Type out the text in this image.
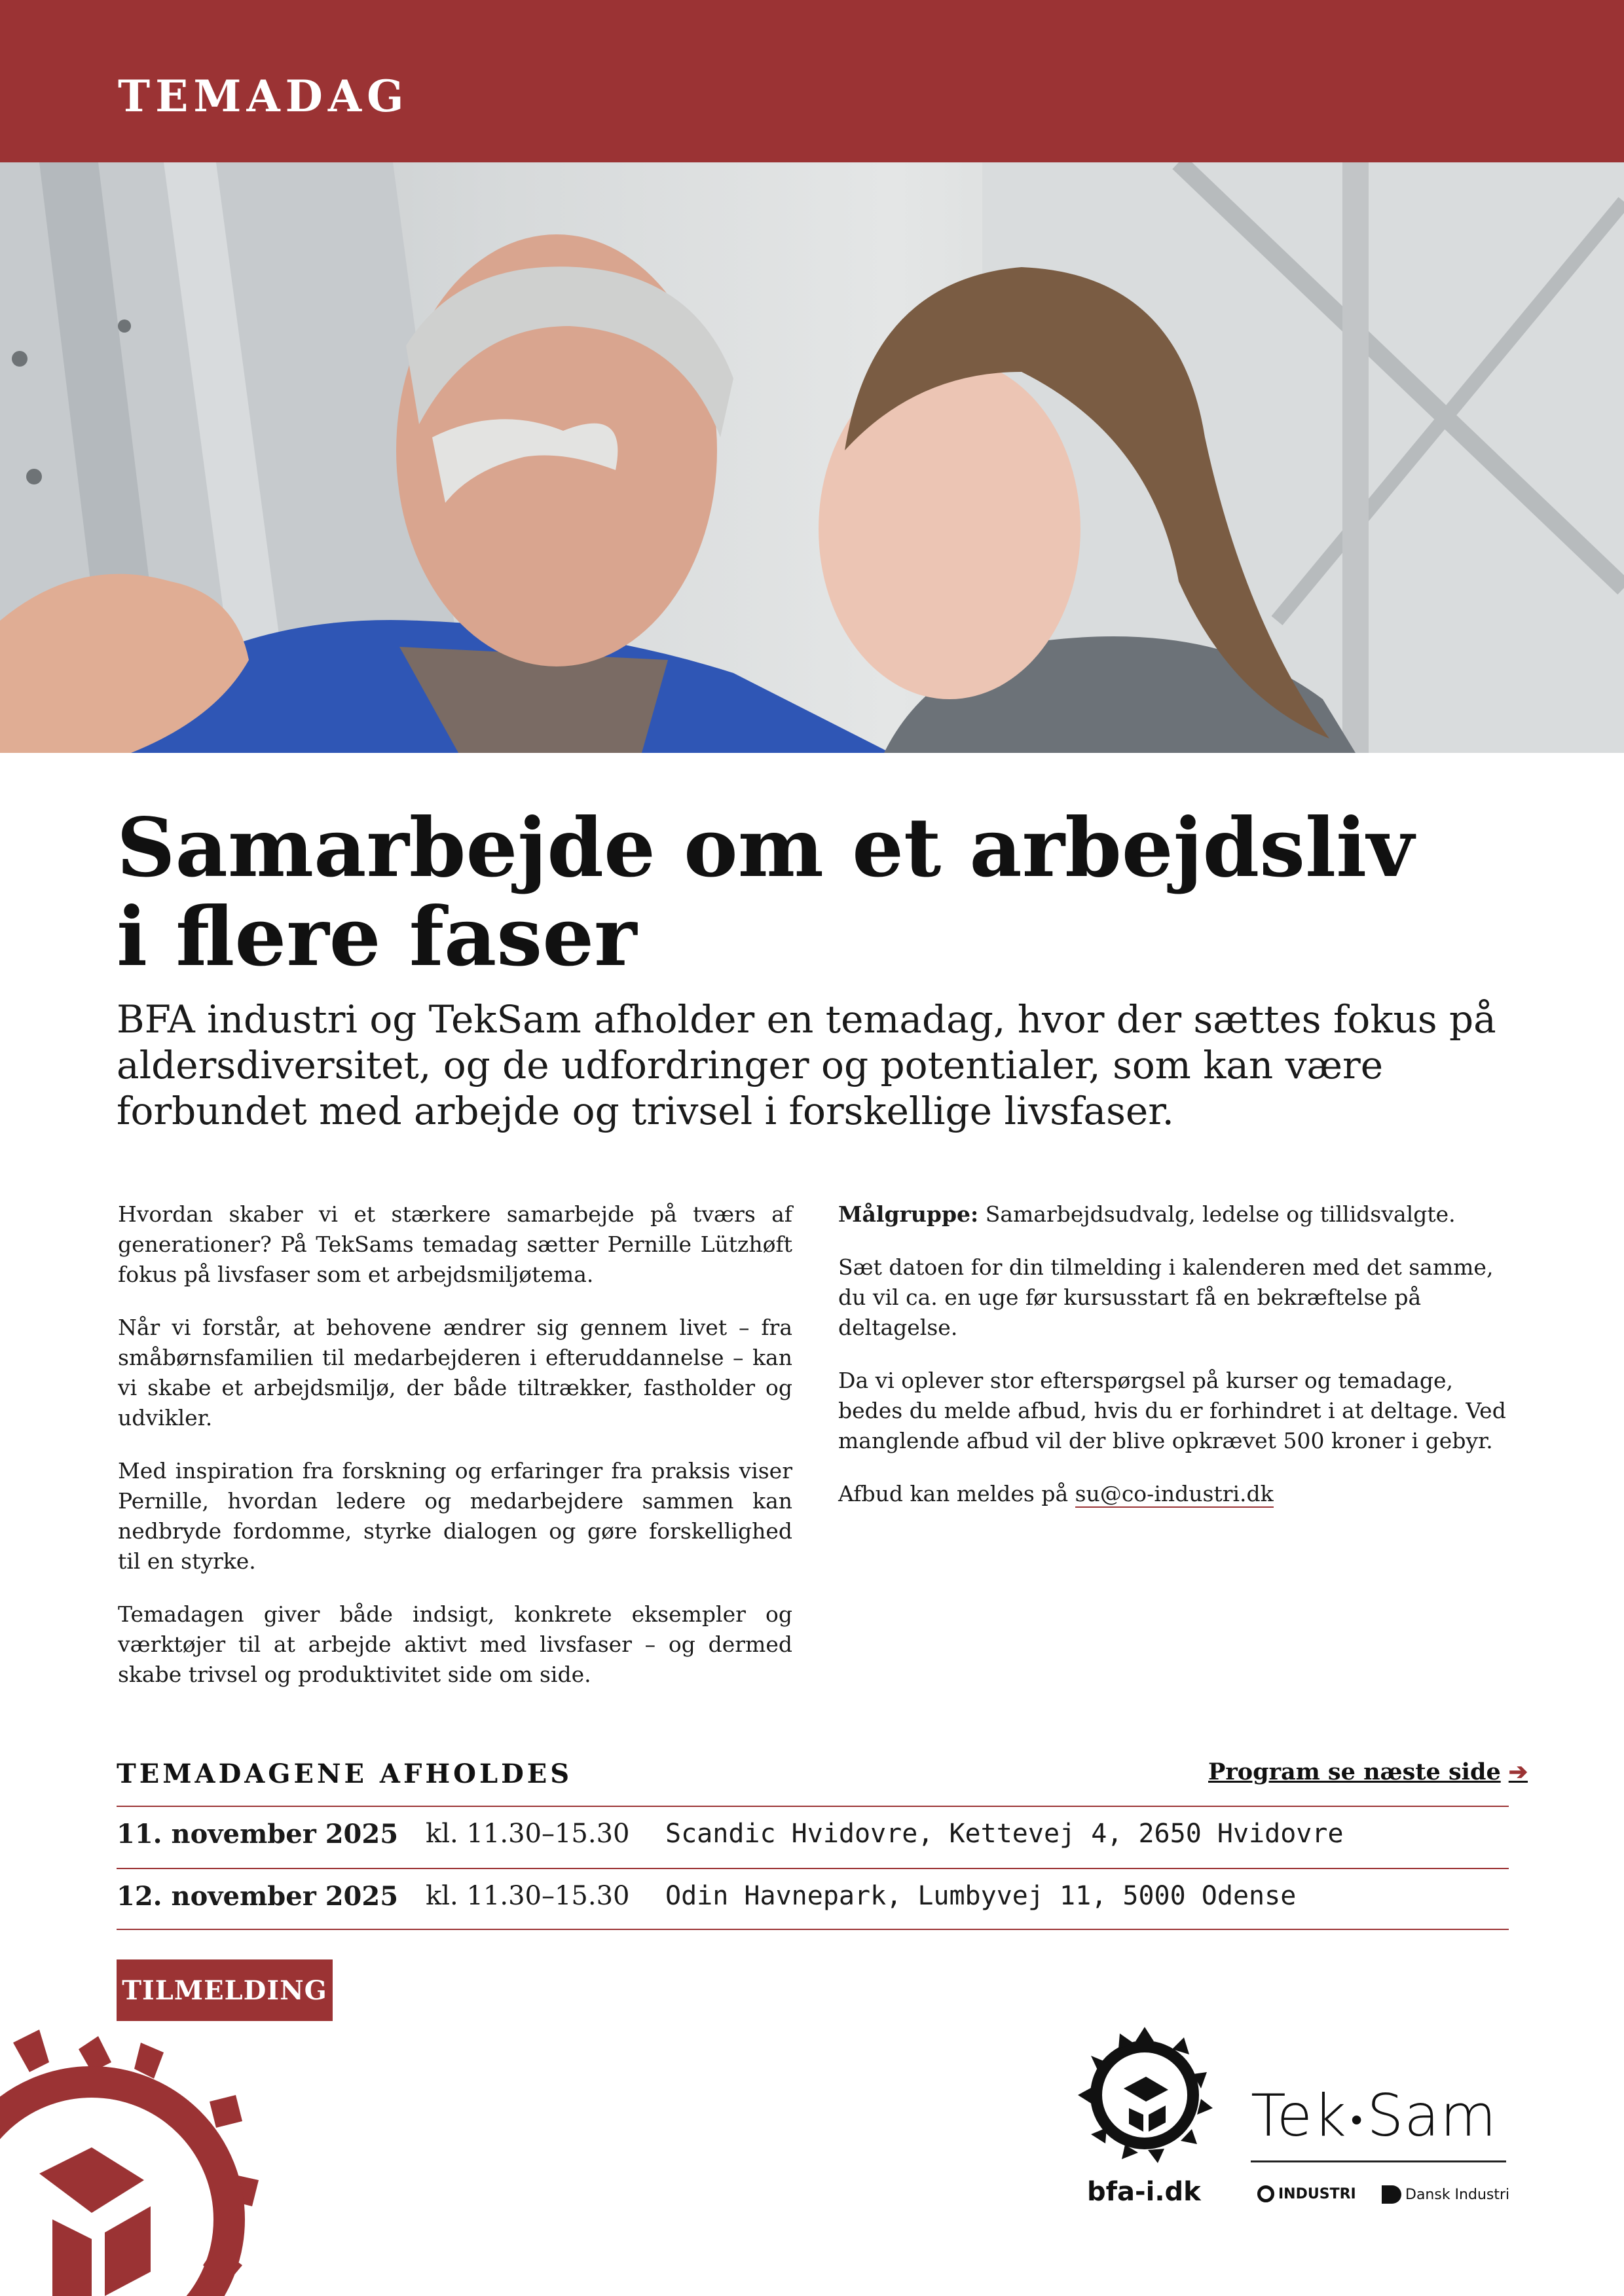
TEMADAG
Samarbejde om et arbejdsliv
i flere faser

BFA industri og TekSam afholder en temadag, hvor der sættes fokus på aldersdiversitet, og de udfordringer og potentialer, som kan være forbundet med arbejde og trivsel i forskellige livsfaser.

Hvordan skaber vi et stærkere samarbejde på tværs af generationer? På TekSams temadag sætter Pernille Lützhøft fokus på livsfaser som et arbejdsmiljøtema.

Når vi forstår, at behovene ændrer sig gennem livet – fra småbørnsfamilien til medarbejderen i efteruddannelse – kan vi skabe et arbejdsmiljø, der både tiltrækker, fastholder og udvikler.

Med inspiration fra forskning og erfaringer fra praksis viser Pernille, hvordan ledere og medarbejdere sammen kan nedbryde fordomme, styrke dialogen og gøre forskellighed til en styrke.

Temadagen giver både indsigt, konkrete eksempler og værktøjer til at arbejde aktivt med livsfaser – og dermed skabe trivsel og produktivitet side om side.

Målgruppe: Samarbejdsudvalg, ledelse og tillidsvalgte.

Sæt datoen for din tilmelding i kalenderen med det samme, du vil ca. en uge før kursusstart få en bekræftelse på deltagelse.

Da vi oplever stor efterspørgsel på kurser og temadage, bedes du melde afbud, hvis du er forhindret i at deltage. Ved manglende afbud vil der blive opkrævet 500 kroner i gebyr.

Afbud kan meldes på su@co-industri.dk

TEMADAGENE AFHOLDES	Program se næste side ➔
11. november 2025 kl. 11.30–15.30 Scandic Hvidovre, Kettevej 4, 2650 Hvidovre
12. november 2025 kl. 11.30–15.30 Odin Havnepark, Lumbyvej 11, 5000 Odense
TILMELDING
bfa-i.dk
Tek •Sam
INDUSTRI	Dansk Industri
